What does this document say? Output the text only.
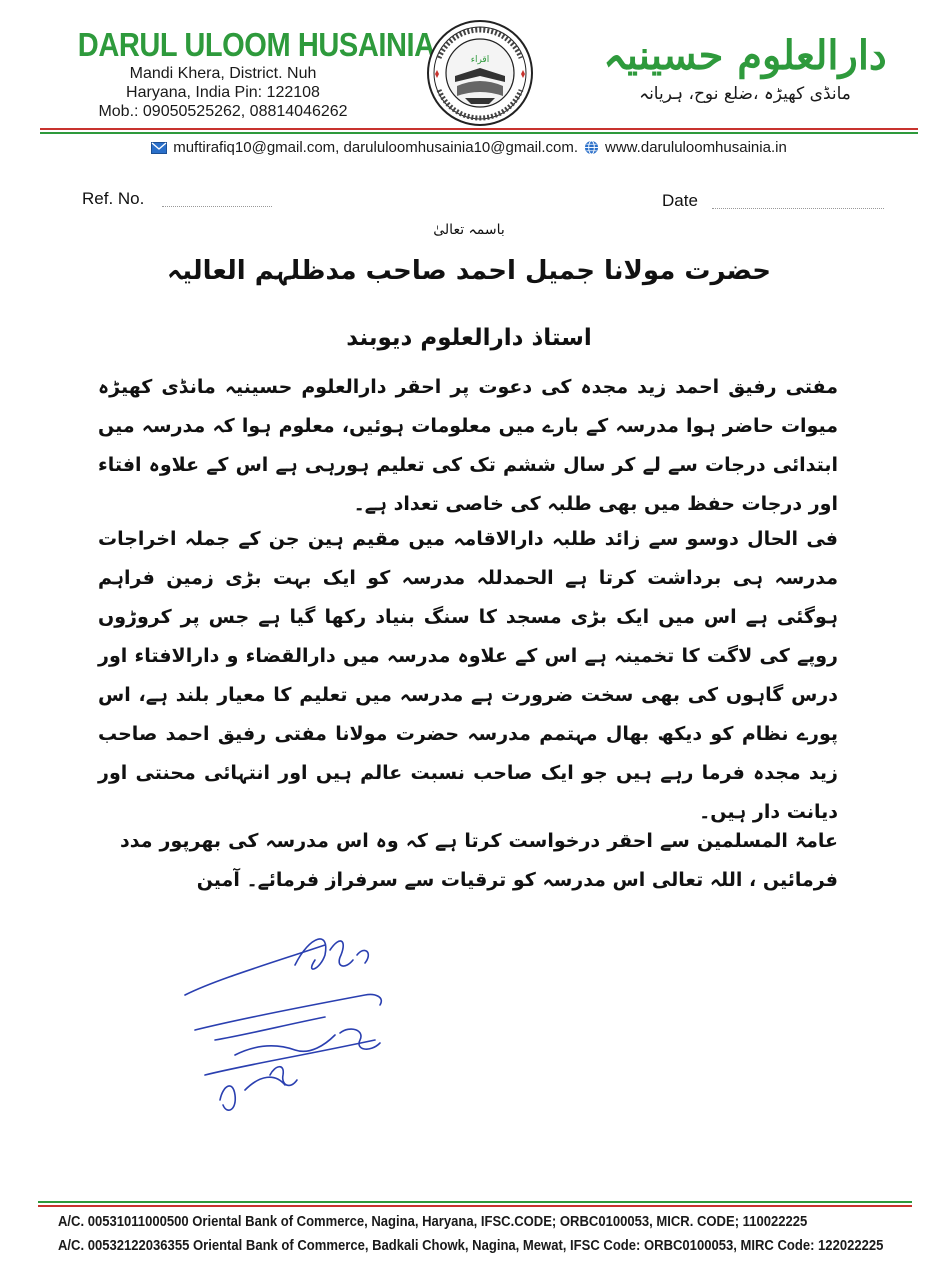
DARUL ULOOM HUSAINIA
Mandi Khera, District. Nuh
Haryana, India Pin: 122108
Mob.: 09050525262, 08814046262
اقراء	دارالعلوم حسینیہ
مانڈی کھیڑہ ،ضلع نوح، ہریانہ
muftirafiq10@gmail.com, darululoomhusainia10@gmail.com. www.darululoomhusainia.in
Ref. No.	Date
باسمہ تعالیٰ
حضرت مولانا جمیل احمد صاحب مدظلہم العالیہ
استاذ دارالعلوم دیوبند
مفتی رفیق احمد زید مجدہ کی دعوت پر احقر دارالعلوم حسینیہ مانڈی کھیڑہ میوات حاضر ہوا مدرسہ کے بارے میں معلومات ہوئیں، معلوم ہوا کہ مدرسہ میں ابتدائی درجات سے لے کر سال ششم تک کی تعلیم ہورہی ہے اس کے علاوہ افتاء اور درجات حفظ میں بھی طلبہ کی خاصی تعداد ہے۔
فی الحال دوسو سے زائد طلبہ دارالاقامہ میں مقیم ہین جن کے جملہ اخراجات مدرسہ ہی برداشت کرتا ہے الحمدللہ مدرسہ کو ایک بہت بڑی زمین فراہم ہوگئی ہے اس میں ایک بڑی مسجد کا سنگ بنیاد رکھا گیا ہے جس پر کروڑوں روپے کی لاگت کا تخمینہ ہے اس کے علاوہ مدرسہ میں دارالقضاء و دارالافتاء اور درس گاہوں کی بھی سخت ضرورت ہے مدرسہ میں تعلیم کا معیار بلند ہے، اس پورے نظام کو دیکھ بھال مہتمم مدرسہ حضرت مولانا مفتی رفیق احمد صاحب زید مجدہ فرما رہے ہیں جو ایک صاحب نسبت عالم ہیں اور انتہائی محنتی اور دیانت دار ہیں۔
عامۃ المسلمین سے احقر درخواست کرتا ہے کہ وہ اس مدرسہ کی بھرپور مدد فرمائیں ، اللہ تعالی اس مدرسہ کو ترقیات سے سرفراز فرمائے۔ آمین
A/C. 00531011000500 Oriental Bank of Commerce, Nagina, Haryana, IFSC.CODE; ORBC0100053, MICR. CODE; 110022225
A/C. 00532122036355 Oriental Bank of Commerce, Badkali Chowk, Nagina, Mewat, IFSC Code: ORBC0100053, MIRC Code: 122022225
